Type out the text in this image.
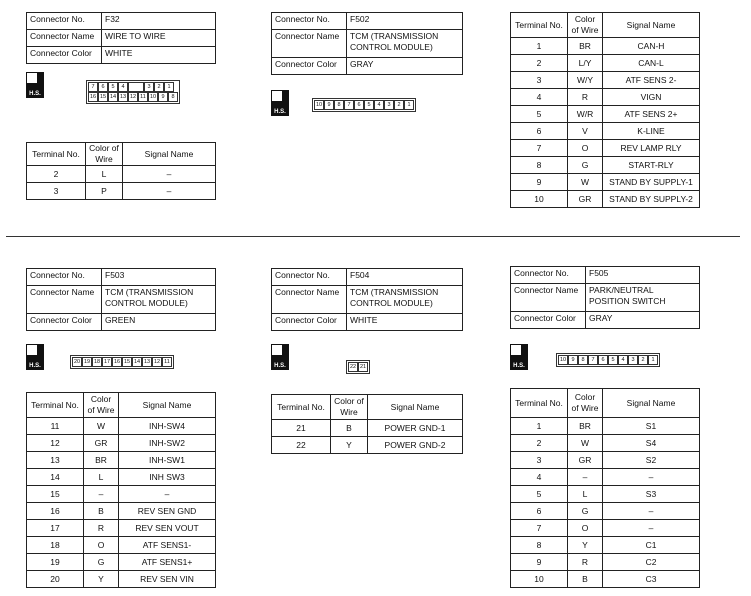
Connector No.	F32
Connector Name	WIRE TO WIRE
Connector Color	WHITE
H.S.
7	6	5	4	3	2	1
16 15 14 13 12 11 10 9	8
Terminal No.	Color of Wire	Signal Name
2	L	–
3	P	–
Connector No.	F502
Connector Name	TCM (TRANSMISSION CONTROL MODULE)
Connector Color	GRAY
H.S.
10 9	8	7	6	5	4	3	2	1
Terminal No.	Color of Wire	Signal Name
1	BR	CAN-H
2	L/Y	CAN-L
3	W/Y	ATF SENS 2-
4	R	VIGN
5	W/R	ATF SENS 2+
6	V	K-LINE
7	O	REV LAMP RLY
8	G	START-RLY
9	W	STAND BY SUPPLY-1
10	GR	STAND BY SUPPLY-2
Connector No.	F503
Connector Name	TCM (TRANSMISSION CONTROL MODULE)
Connector Color	GREEN
H.S.
20 19 18 17 16 15 14 13 12 11
Terminal No.	Color of Wire	Signal Name
11	W	INH-SW4
12	GR	INH-SW2
13	BR	INH-SW1
14	L	INH SW3
15	–	–
16	B	REV SEN GND
17	R	REV SEN VOUT
18	O	ATF SENS1-
19	G	ATF SENS1+
20	Y	REV SEN VIN
Connector No.	F504
Connector Name	TCM (TRANSMISSION CONTROL MODULE)
Connector Color	WHITE
H.S.	22 21
Terminal No.	Color of Wire	Signal Name
21	B	POWER GND-1
22	Y	POWER GND-2
Connector No.	F505
Connector Name	PARK/NEUTRAL POSITION SWITCH
Connector Color	GRAY
H.S.
10 9	8	7	6	5	4	3	2	1
Terminal No.	Color of Wire	Signal Name
1	BR	S1
2	W	S4
3	GR	S2
4	–	–
5	L	S3
6	G	–
7	O	–
8	Y	C1
9	R	C2
10	B	C3
